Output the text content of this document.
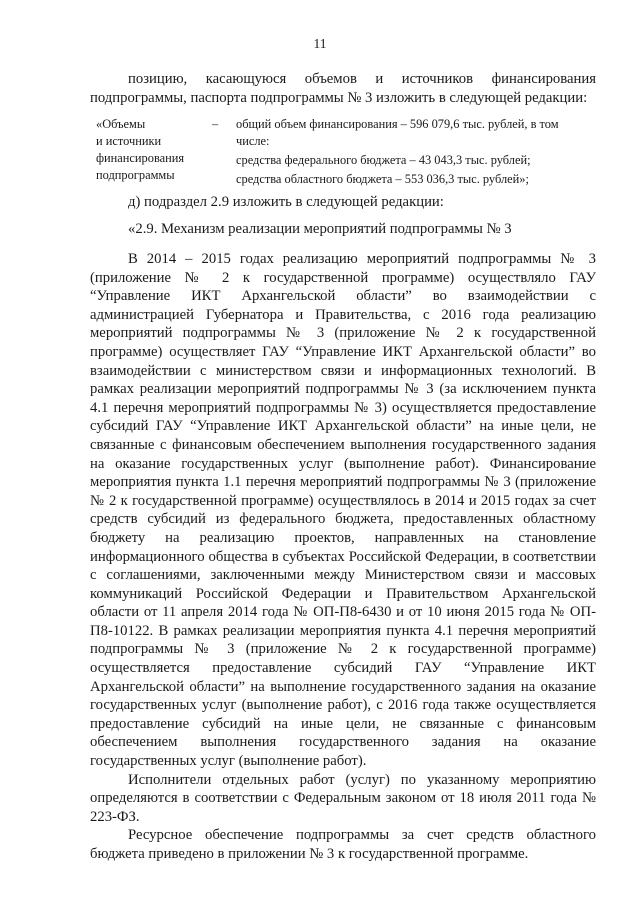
11

позицию, касающуюся объемов и источников финансирования подпрограммы, паспорта подпрограммы № 3 изложить в следующей редакции:

«Объемы

и источники

финансирования

подпрограммы

– общий объем финансирования – 596 079,6 тыс. рублей, в том числе:

средства федерального бюджета – 43 043,3 тыс. рублей;

средства областного бюджета – 553 036,3 тыс. рублей»;

д) подраздел 2.9 изложить в следующей редакции:
«2.9. Механизм реализации мероприятий подпрограммы № 3

В 2014 – 2015 годах реализацию мероприятий подпрограммы № 3 (приложение № 2 к государственной программе) осуществляло ГАУ “Управление ИКТ Архангельской области” во взаимодействии с администрацией Губернатора и Правительства, с 2016 года реализацию мероприятий подпрограммы № 3 (приложение № 2 к государственной программе) осуществляет ГАУ “Управление ИКТ Архангельской области” во взаимодействии с министерством связи и информационных технологий. В рамках реализации мероприятий подпрограммы № 3 (за исключением пункта 4.1 перечня мероприятий подпрограммы № 3) осуществляется предоставление субсидий ГАУ “Управление ИКТ Архангельской области” на иные цели, не связанные с финансовым обеспечением выполнения государственного задания на оказание государственных услуг (выполнение работ). Финансирование мероприятия пункта 1.1 перечня мероприятий подпрограммы № 3 (приложение № 2 к государственной программе) осуществлялось в 2014 и 2015 годах за счет средств субсидий из федерального бюджета, предоставленных областному бюджету на реализацию проектов, направленных на становление информационного общества в субъектах Российской Федерации, в соответствии с соглашениями, заключенными между Министерством связи и массовых коммуникаций Российской Федерации и Правительством Архангельской области от 11 апреля 2014 года № ОП-П8-6430 и от 10 июня 2015 года № ОП-П8-10122. В рамках реализации мероприятия пункта 4.1 перечня мероприятий подпрограммы № 3 (приложение № 2 к государственной программе) осуществляется предоставление субсидий ГАУ “Управление ИКТ Архангельской области” на выполнение государственного задания на оказание государственных услуг (выполнение работ), с 2016 года также осуществляется предоставление субсидий на иные цели, не связанные с финансовым обеспечением выполнения государственного задания на оказание государственных услуг (выполнение работ).

Исполнители отдельных работ (услуг) по указанному мероприятию определяются в соответствии с Федеральным законом от 18 июля 2011 года № 223-ФЗ.

Ресурсное обеспечение подпрограммы за счет средств областного бюджета приведено в приложении № 3 к государственной программе.
